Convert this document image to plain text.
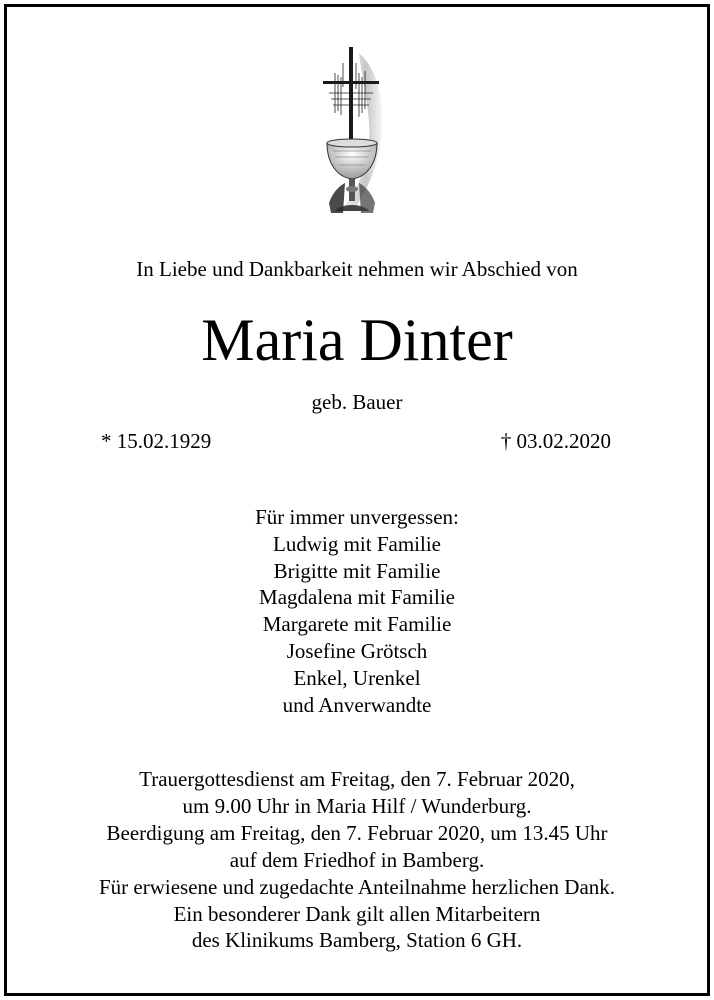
In Liebe und Dankbarkeit nehmen wir Abschied von
Maria Dinter
geb. Bauer
* 15.02.1929	† 03.02.2020
Für immer unvergessen:
Ludwig mit Familie
Brigitte mit Familie
Magdalena mit Familie
Margarete mit Familie
Josefine Grötsch
Enkel, Urenkel
und Anverwandte
Trauergottesdienst am Freitag, den 7. Februar 2020,
um 9.00 Uhr in Maria Hilf / Wunderburg.
Beerdigung am Freitag, den 7. Februar 2020, um 13.45 Uhr
auf dem Friedhof in Bamberg.
Für erwiesene und zugedachte Anteilnahme herzlichen Dank.
Ein besonderer Dank gilt allen Mitarbeitern
des Klinikums Bamberg, Station 6 GH.
